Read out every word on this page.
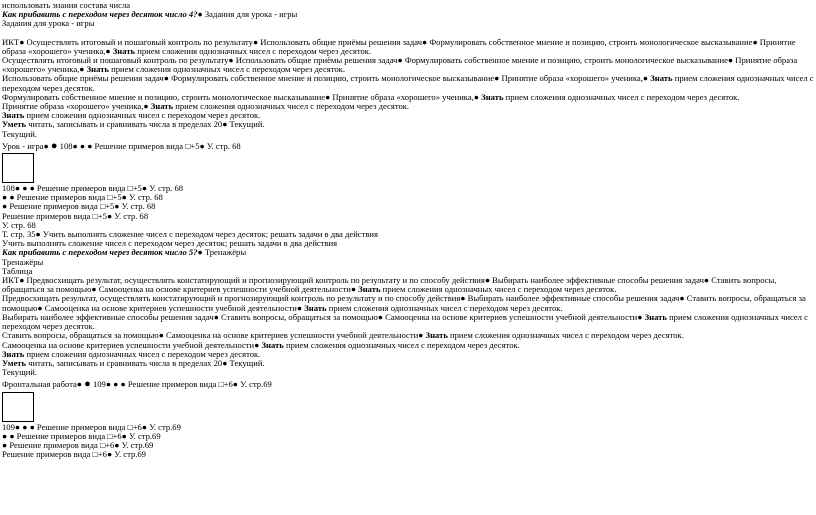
использовать знания состава числа
Как прибавить с переходом через десяток число 4?● Задания для урока - игры
Задания для урока - игры
ИКТ● Осуществлять итоговый и пошаговый контроль по результату● Использовать общие приёмы решения задач● Формулировать собственное мнение и позицию, строить монологическое высказывание● Принятие образа «хорошего» ученика,● Знать прием сложения однозначных чисел с переходом через десяток.
Осуществлять итоговый и пошаговый контроль по результату● Использовать общие приёмы решения задач● Формулировать собственное мнение и позицию, строить монологическое высказывание● Принятие образа «хорошего» ученика,● Знать прием сложения однозначных чисел с переходом через десяток.
Использовать общие приёмы решения задач● Формулировать собственное мнение и позицию, строить монологическое высказывание● Принятие образа «хорошего» ученика,● Знать прием сложения однозначных чисел с переходом через десяток.
Формулировать собственное мнение и позицию, строить монологическое высказывание● Принятие образа «хорошего» ученика,● Знать прием сложения однозначных чисел с переходом через десяток.
Принятие образа «хорошего» ученика,● Знать прием сложения однозначных чисел с переходом через десяток.
Знать прием сложения однозначных чисел с переходом через десяток.
Уметь читать, записывать и сравнивать числа в пределах 20● Текущий.
Текущий.
Урок - игра● ● 108● ● ● Решение примеров вида □+5● У. стр. 68
108● ● ● Решение примеров вида □+5● У. стр. 68
● ● Решение примеров вида □+5● У. стр. 68
● Решение примеров вида □+5● У. стр. 68
Решение примеров вида □+5● У. стр. 68
У. стр. 68
Т. стр. 35● Учить выполнять сложение чисел с переходом через десяток; решать задачи в два действия
Учить выполнять сложение чисел с переходом через десяток; решать задачи в два действия
Как прибавить с переходом через десяток число 5?● Тренажёры
Тренажёры
Таблица
ИКТ● Предвосхищать результат, осуществлять констатирующий и прогнозирующий контроль по результату и по способу действия● Выбирать наиболее эффективные способы решения задач● Ставить вопросы, обращаться за помощью● Самооценка на основе критериев успешности учебной деятельности● Знать прием сложения однозначных чисел с переходом через десяток.
Предвосхищать результат, осуществлять констатирующий и прогнозирующий контроль по результату и по способу действия● Выбирать наиболее эффективные способы решения задач● Ставить вопросы, обращаться за помощью● Самооценка на основе критериев успешности учебной деятельности● Знать прием сложения однозначных чисел с переходом через десяток.
Выбирать наиболее эффективные способы решения задач● Ставить вопросы, обращаться за помощью● Самооценка на основе критериев успешности учебной деятельности● Знать прием сложения однозначных чисел с переходом через десяток.
Ставить вопросы, обращаться за помощью● Самооценка на основе критериев успешности учебной деятельности● Знать прием сложения однозначных чисел с переходом через десяток.
Самооценка на основе критериев успешности учебной деятельности● Знать прием сложения однозначных чисел с переходом через десяток.
Знать прием сложения однозначных чисел с переходом через десяток.
Уметь читать, записывать и сравнивать числа в пределах 20● Текущий.
Текущий.
Фронтальная работа● ● 109● ● ● Решение примеров вида □+6● У. стр.69
109● ● ● Решение примеров вида □+6● У. стр.69
● ● Решение примеров вида □+6● У. стр.69
● Решение примеров вида □+6● У. стр.69
Решение примеров вида □+6● У. стр.69
